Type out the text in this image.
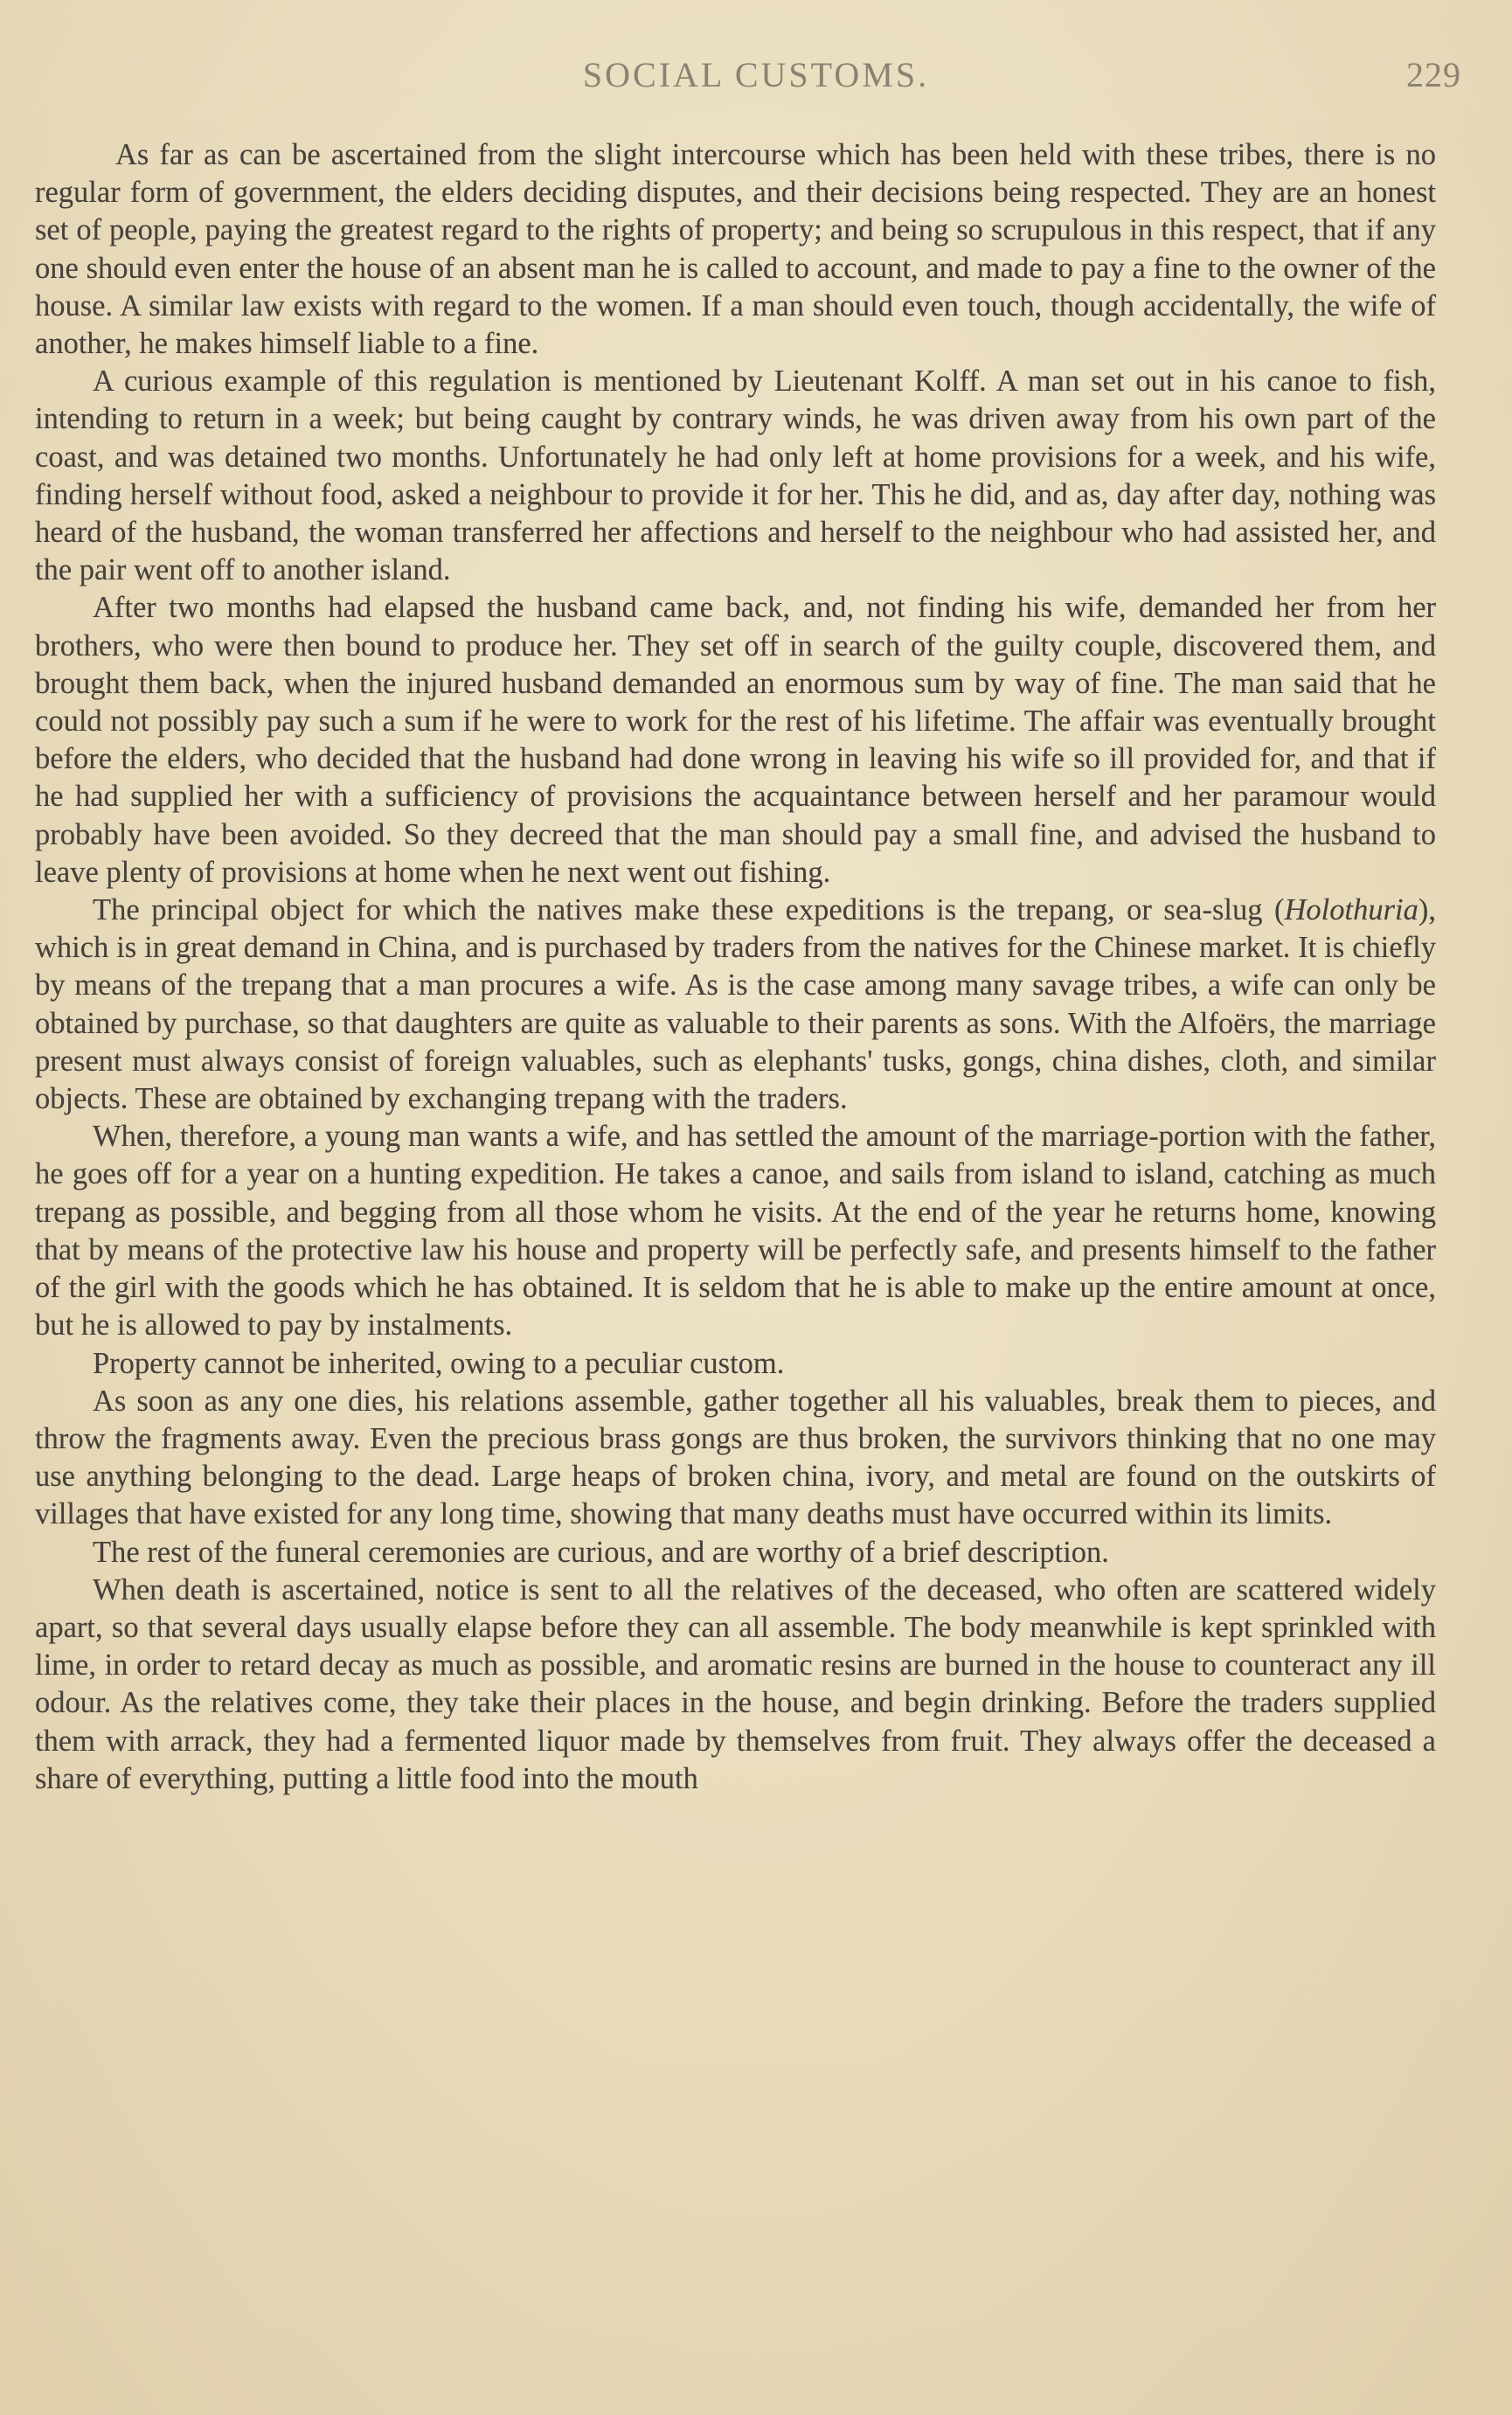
SOCIAL CUSTOMS.	229

As far as can be ascertained from the slight intercourse which has been held with these tribes, there is no regular form of government, the elders deciding disputes, and their decisions being respected. They are an honest set of people, paying the greatest regard to the rights of property; and being so scrupulous in this respect, that if any one should even enter the house of an absent man he is called to account, and made to pay a fine to the owner of the house. A similar law exists with regard to the women. If a man should even touch, though accidentally, the wife of another, he makes himself liable to a fine.

A curious example of this regulation is mentioned by Lieutenant Kolff. A man set out in his canoe to fish, intending to return in a week; but being caught by contrary winds, he was driven away from his own part of the coast, and was detained two months. Unfortunately he had only left at home provisions for a week, and his wife, finding herself without food, asked a neighbour to provide it for her. This he did, and as, day after day, nothing was heard of the husband, the woman transferred her affections and herself to the neighbour who had assisted her, and the pair went off to another island.

After two months had elapsed the husband came back, and, not finding his wife, demanded her from her brothers, who were then bound to produce her. They set off in search of the guilty couple, discovered them, and brought them back, when the injured husband demanded an enormous sum by way of fine. The man said that he could not possibly pay such a sum if he were to work for the rest of his lifetime. The affair was eventually brought before the elders, who decided that the husband had done wrong in leaving his wife so ill provided for, and that if he had supplied her with a sufficiency of provisions the acquaintance between herself and her paramour would probably have been avoided. So they decreed that the man should pay a small fine, and advised the husband to leave plenty of provisions at home when he next went out fishing.

The principal object for which the natives make these expeditions is the trepang, or sea-slug (Holothuria), which is in great demand in China, and is purchased by traders from the natives for the Chinese market. It is chiefly by means of the trepang that a man procures a wife. As is the case among many savage tribes, a wife can only be obtained by purchase, so that daughters are quite as valuable to their parents as sons. With the Alfoërs, the marriage present must always consist of foreign valuables, such as elephants' tusks, gongs, china dishes, cloth, and similar objects. These are obtained by exchanging trepang with the traders.

When, therefore, a young man wants a wife, and has settled the amount of the marriage-portion with the father, he goes off for a year on a hunting expedition. He takes a canoe, and sails from island to island, catching as much trepang as possible, and begging from all those whom he visits. At the end of the year he returns home, knowing that by means of the protective law his house and property will be perfectly safe, and presents himself to the father of the girl with the goods which he has obtained. It is seldom that he is able to make up the entire amount at once, but he is allowed to pay by instalments.

Property cannot be inherited, owing to a peculiar custom.

As soon as any one dies, his relations assemble, gather together all his valuables, break them to pieces, and throw the fragments away. Even the precious brass gongs are thus broken, the survivors thinking that no one may use anything belonging to the dead. Large heaps of broken china, ivory, and metal are found on the outskirts of villages that have existed for any long time, showing that many deaths must have occurred within its limits.

The rest of the funeral ceremonies are curious, and are worthy of a brief description.

When death is ascertained, notice is sent to all the relatives of the deceased, who often are scattered widely apart, so that several days usually elapse before they can all assemble. The body meanwhile is kept sprinkled with lime, in order to retard decay as much as possible, and aromatic resins are burned in the house to counteract any ill odour. As the relatives come, they take their places in the house, and begin drinking. Before the traders supplied them with arrack, they had a fermented liquor made by themselves from fruit. They always offer the deceased a share of everything, putting a little food into the mouth
